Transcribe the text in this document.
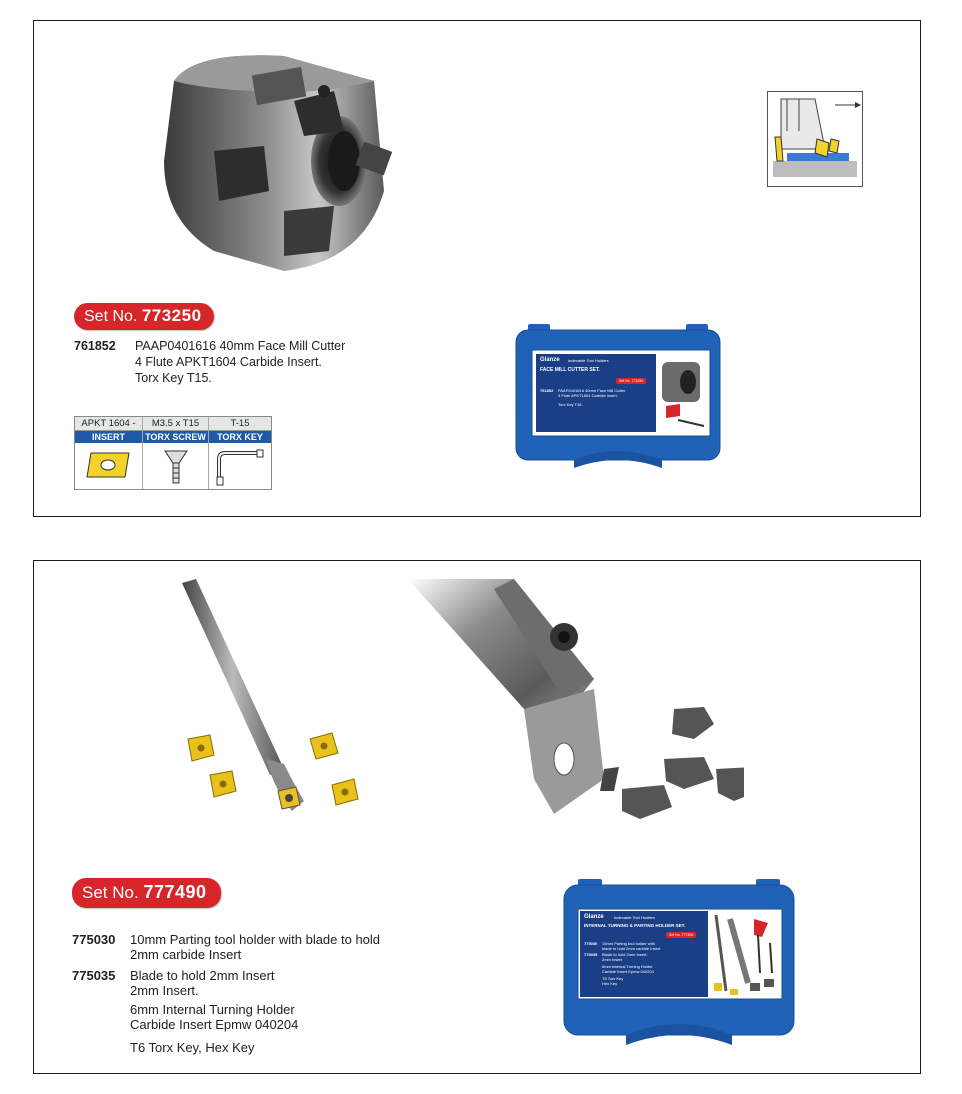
Set No. 773250
761852 PAAP0401616 40mm Face Mill Cutter
4 Flute APKT1604 Carbide Insert.
Torx Key T15.
APKT 1604 -
INSERT
M3.5 x T15
TORX SCREW
T-15
TORX KEY
Glanze Indexable Tool Holders
FACE MILL CUTTER SET.
Set No. 773250
761852 PAAP0401616 40mm Face Mill Cutter
4 Flute APKT1604 Carbide Insert.
Torx Key T15.
Set No. 777490
775030 10mm Parting tool holder with blade to hold
2mm carbide Insert
775035 Blade to hold 2mm Insert
2mm Insert.
6mm Internal Turning Holder
Carbide Insert Epmw 040204
T6 Torx Key, Hex Key
Glanze	Indexable Tool Holders
INTERNAL TURNING & PARTING HOLDER SET.
Set No. 777490
775030 10mm Parting tool holder with
blade to hold 2mm carbide Insert
775035 Blade to hold 2mm Insert.
2mm Insert
6mm Internal Turning Holder
Carbide Insert Epmw 040204
T6 Torx Key
Hex Key
